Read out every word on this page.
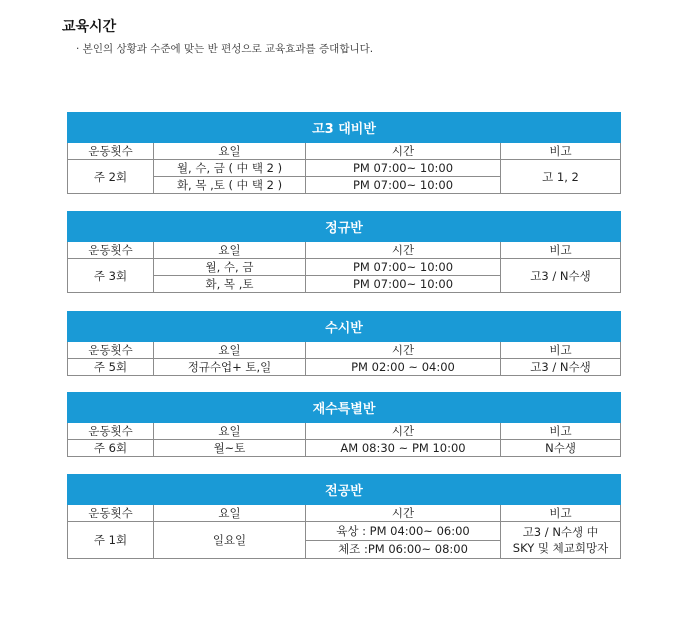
교육시간
· 본인의 상황과 수준에 맞는 반 편성으로 교육효과를 증대합니다.
고3 대비반			
운동횟수	요일	시간	비고
주 2회	월, 수, 금 ( 中 택 2 )	PM 07:00~ 10:00	고 1, 2
	화, 목 ,토 ( 中 택 2 )	PM 07:00~ 10:00	
정규반			
운동횟수	요일	시간	비고
주 3회	월, 수, 금	PM 07:00~ 10:00	고3 / N수생
	화, 목 ,토	PM 07:00~ 10:00	
수시반			
운동횟수	요일	시간	비고
주 5회	정규수업+ 토,일	PM 02:00 ~ 04:00	고3 / N수생
재수특별반			
운동횟수	요일	시간	비고
주 6회	월~토	AM 08:30 ~ PM 10:00	N수생
전공반			
운동횟수	요일	시간	비고
주 1회	일요일	육상 : PM 04:00~ 06:00	고3 / N수생 中
SKY 및 체교희망자

		체조 :PM 06:00~ 08:00	
